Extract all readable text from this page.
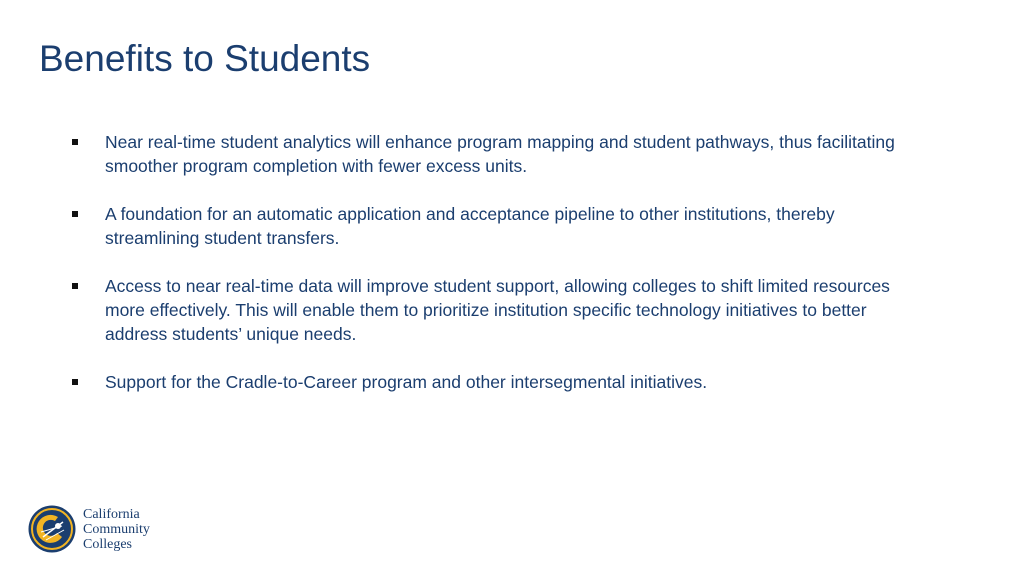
Benefits to Students
Near real-time student analytics will enhance program mapping and student pathways, thus facilitating smoother program completion with fewer excess units.
A foundation for an automatic application and acceptance pipeline to other institutions, thereby streamlining student transfers.
Access to near real-time data will improve student support, allowing colleges to shift limited resources more effectively. This will enable them to prioritize institution specific technology initiatives to better address students’ unique needs.
Support for the Cradle-to-Career program and other intersegmental initiatives.
California
Community
Colleges
